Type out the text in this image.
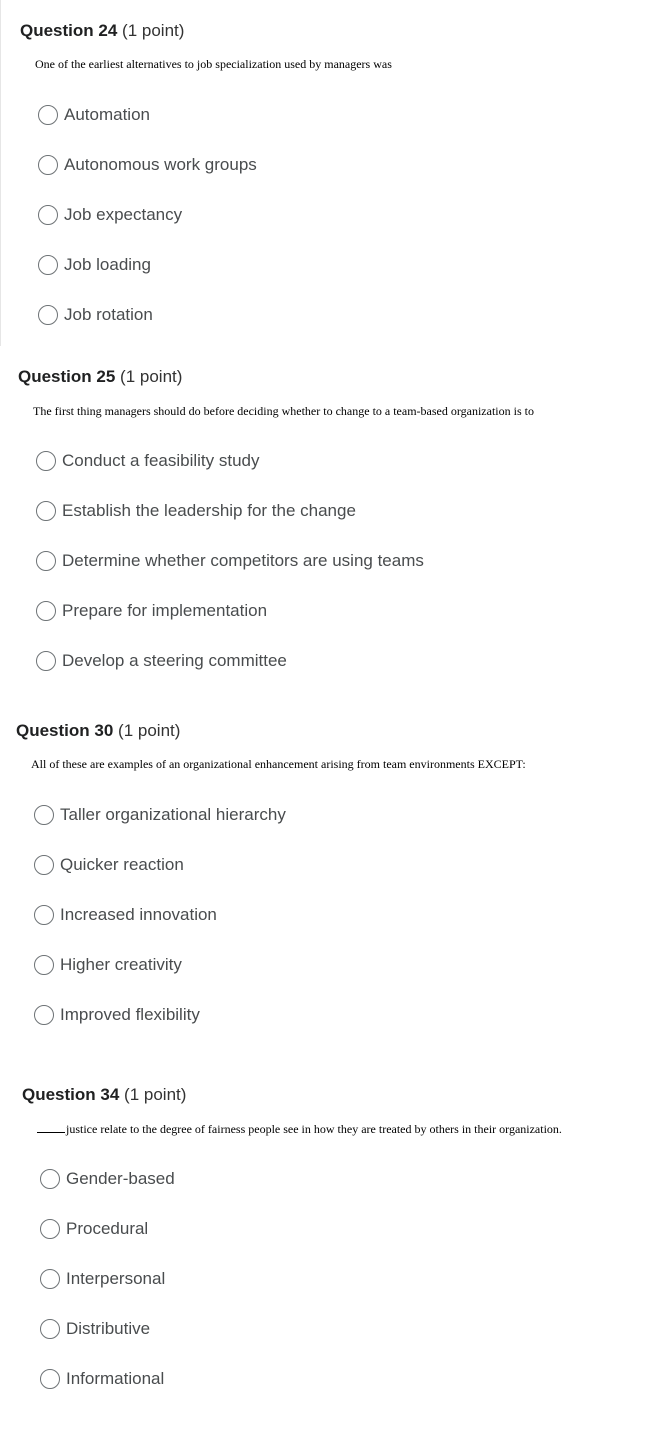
Question 24 (1 point)
One of the earliest alternatives to job specialization used by managers was
Automation
Autonomous work groups
Job expectancy
Job loading
Job rotation
Question 25 (1 point)
The first thing managers should do before deciding whether to change to a team-based organization is to
Conduct a feasibility study
Establish the leadership for the change
Determine whether competitors are using teams
Prepare for implementation
Develop a steering committee
Question 30 (1 point)
All of these are examples of an organizational enhancement arising from team environments EXCEPT:
Taller organizational hierarchy
Quicker reaction
Increased innovation
Higher creativity
Improved flexibility
Question 34 (1 point)
justice relate to the degree of fairness people see in how they are treated by others in their organization.
Gender-based
Procedural
Interpersonal
Distributive
Informational
